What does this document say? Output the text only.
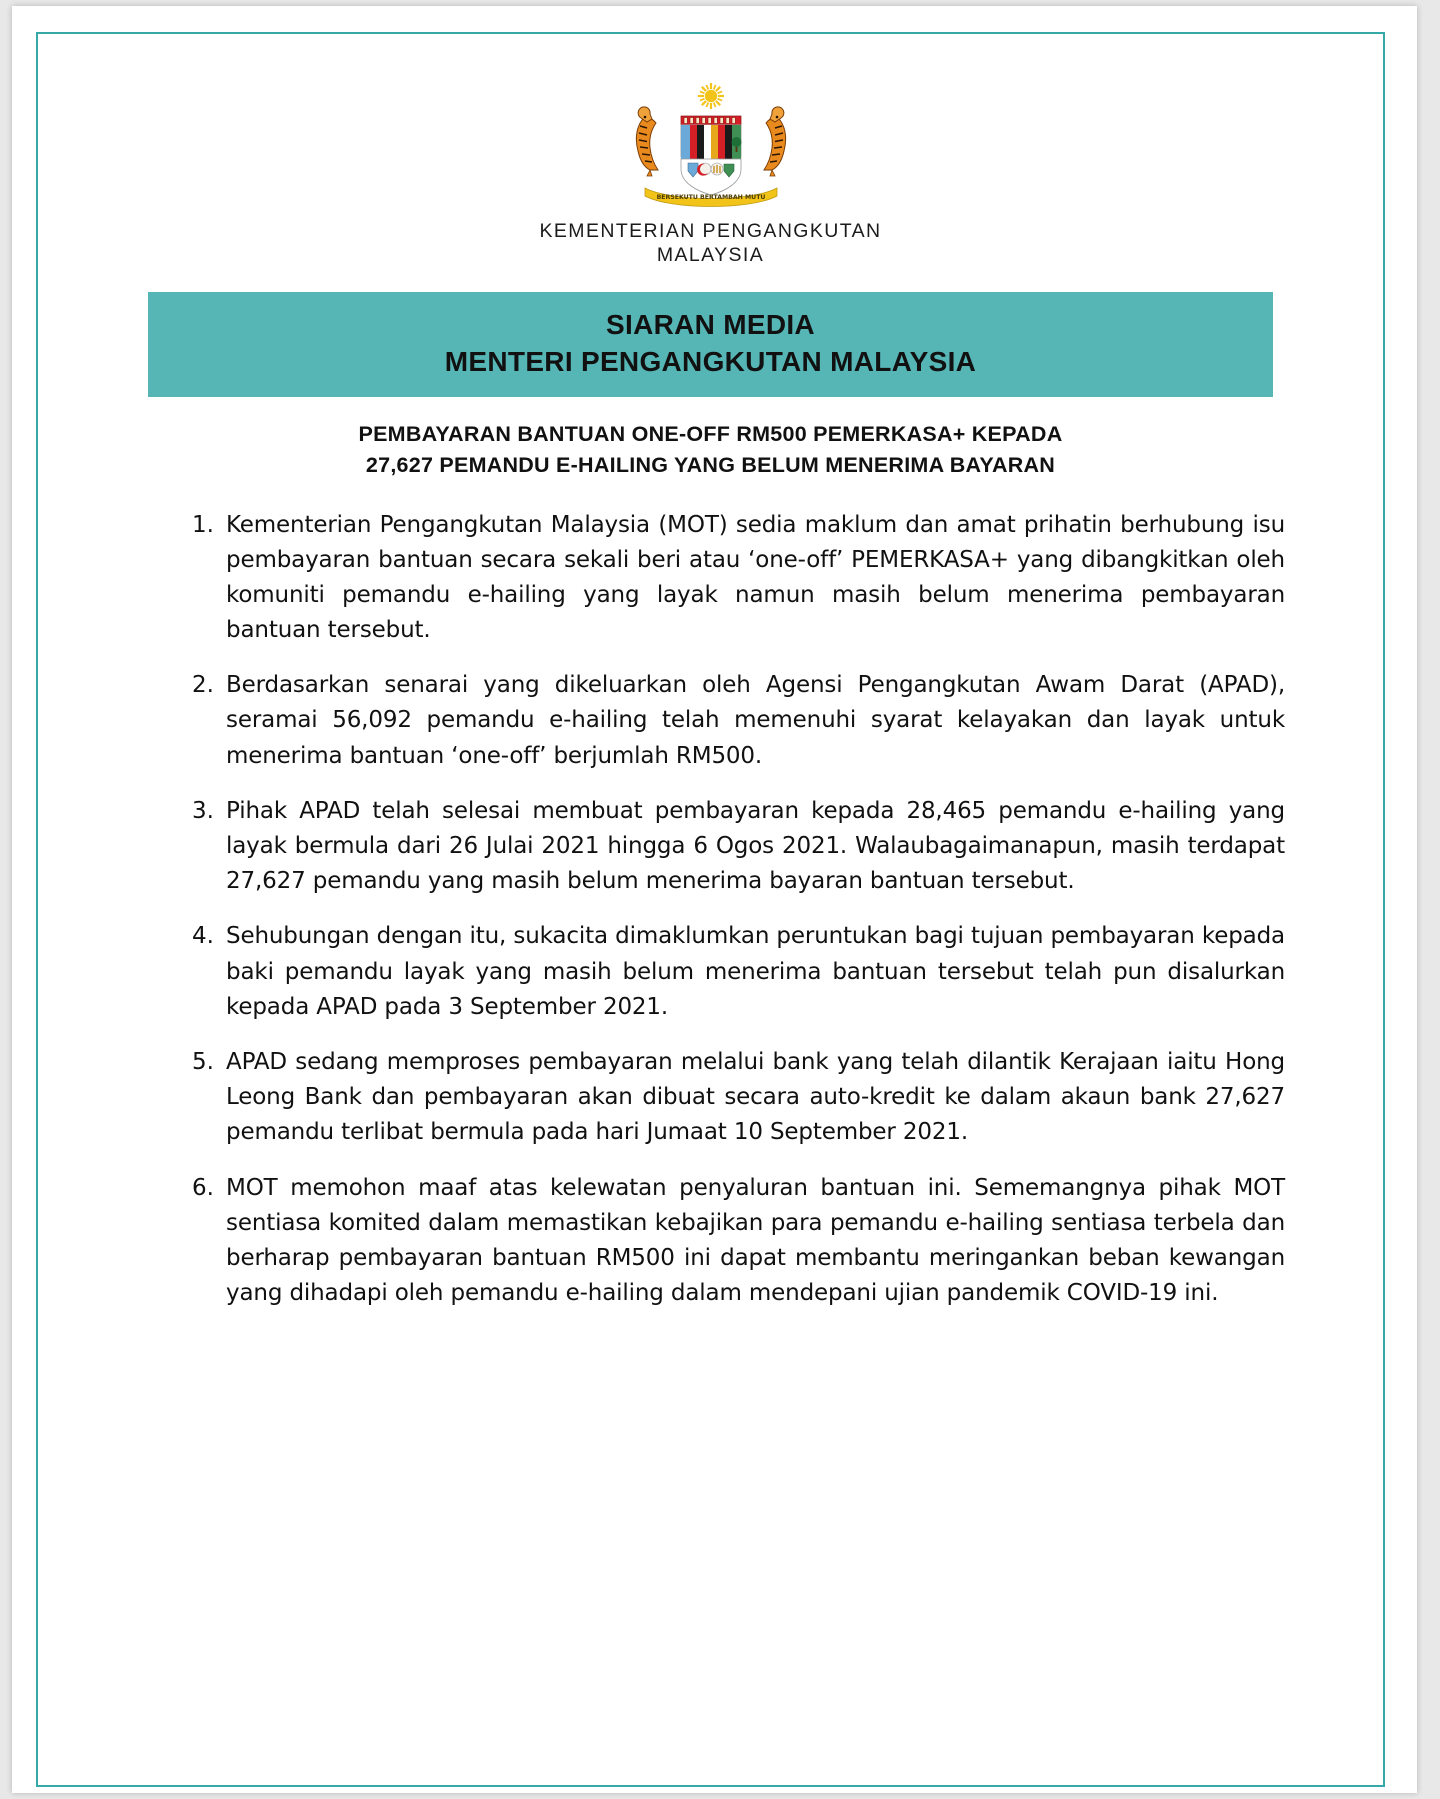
BERSEKUTU BERTAMBAH MUTU
KEMENTERIAN PENGANGKUTAN
MALAYSIA
SIARAN MEDIA
MENTERI PENGANGKUTAN MALAYSIA
PEMBAYARAN BANTUAN ONE-OFF RM500 PEMERKASA+ KEPADA
27,627 PEMANDU E-HAILING YANG BELUM MENERIMA BAYARAN
1. Kementerian Pengangkutan Malaysia (MOT) sedia maklum dan amat prihatin berhubung isu pembayaran bantuan secara sekali beri atau ‘one-off’ PEMERKASA+ yang dibangkitkan oleh komuniti pemandu e-hailing yang layak namun masih belum menerima pembayaran bantuan tersebut.
2. Berdasarkan senarai yang dikeluarkan oleh Agensi Pengangkutan Awam Darat (APAD), seramai 56,092 pemandu e-hailing telah memenuhi syarat kelayakan dan layak untuk menerima bantuan ‘one-off’ berjumlah RM500.
3. Pihak APAD telah selesai membuat pembayaran kepada 28,465 pemandu e-hailing yang layak bermula dari 26 Julai 2021 hingga 6 Ogos 2021. Walaubagaimanapun, masih terdapat 27,627 pemandu yang masih belum menerima bayaran bantuan tersebut.
4. Sehubungan dengan itu, sukacita dimaklumkan peruntukan bagi tujuan pembayaran kepada baki pemandu layak yang masih belum menerima bantuan tersebut telah pun disalurkan kepada APAD pada 3 September 2021.
5. APAD sedang memproses pembayaran melalui bank yang telah dilantik Kerajaan iaitu Hong Leong Bank dan pembayaran akan dibuat secara auto-kredit ke dalam akaun bank 27,627 pemandu terlibat bermula pada hari Jumaat 10 September 2021.
6. MOT memohon maaf atas kelewatan penyaluran bantuan ini. Sememangnya pihak MOT sentiasa komited dalam memastikan kebajikan para pemandu e-hailing sentiasa terbela dan berharap pembayaran bantuan RM500 ini dapat membantu meringankan beban kewangan yang dihadapi oleh pemandu e-hailing dalam mendepani ujian pandemik COVID-19 ini.
